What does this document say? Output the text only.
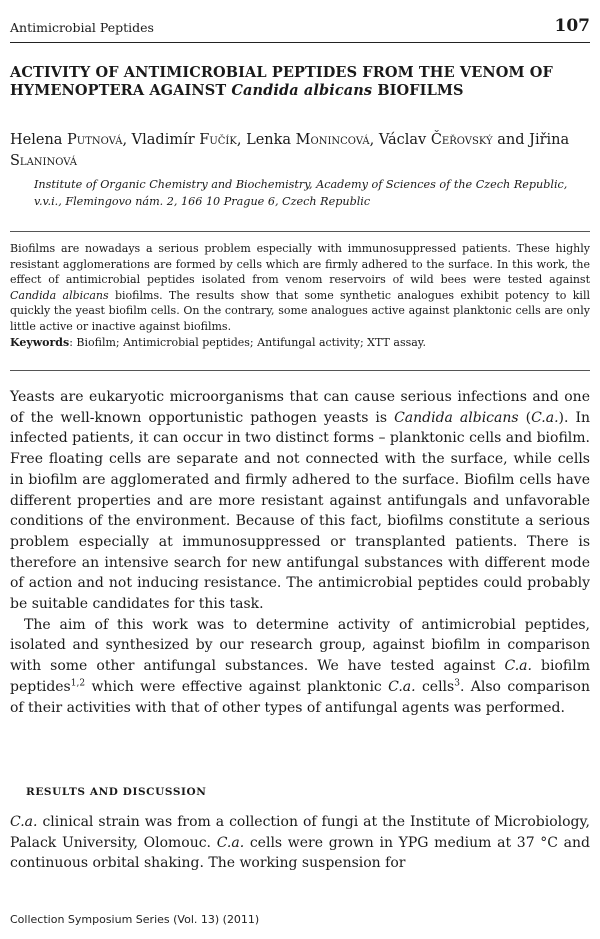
Antimicrobial Peptides	107
ACTIVITY OF ANTIMICROBIAL PEPTIDES FROM THE VENOM OF HYMENOPTERA AGAINST Candida albicans BIOFILMS

Helena Putnová, Vladimír Fučík, Lenka Monincová, Václav Čeřovský and Jiřina Slaninová

Institute of Organic Chemistry and Biochemistry, Academy of Sciences of the Czech Republic, v.v.i., Flemingovo nám. 2, 166 10 Prague 6, Czech Republic

Biofilms are nowadays a serious problem especially with immunosuppressed patients. These highly resistant agglomerations are formed by cells which are firmly adhered to the surface. In this work, the effect of antimicrobial peptides isolated from venom reservoirs of wild bees were tested against Candida albicans biofilms. The results show that some synthetic analogues exhibit potency to kill quickly the yeast biofilm cells. On the contrary, some analogues active against planktonic cells are only little active or inactive against biofilms.

Keywords: Biofilm; Antimicrobial peptides; Antifungal activity; XTT assay.

Yeasts are eukaryotic microorganisms that can cause serious infections and one of the well-known opportunistic pathogen yeasts is Candida albicans (C.a.). In infected patients, it can occur in two distinct forms – planktonic cells and biofilm. Free floating cells are separate and not connected with the surface, while cells in biofilm are agglomerated and firmly adhered to the surface. Biofilm cells have different properties and are more resistant against antifungals and unfavorable conditions of the environment. Because of this fact, biofilms constitute a serious problem especially at immunosuppressed or transplanted patients. There is therefore an intensive search for new antifungal substances with different mode of action and not inducing resistance. The antimicrobial peptides could probably be suitable candidates for this task.

The aim of this work was to determine activity of antimicrobial peptides, isolated and synthesized by our research group, against biofilm in comparison with some other antifungal substances. We have tested against C.a. biofilm peptides$^{1,2}$ which were effective against planktonic C.a. cells$^3$. Also comparison of their activities with that of other types of antifungal agents was performed.

RESULTS AND DISCUSSION

C.a. clinical strain was from a collection of fungi at the Institute of Microbiology, Palack University, Olomouc. C.a. cells were grown in YPG medium at 37 °C and continuous orbital shaking. The working suspension for

Collection Symposium Series (Vol. 13) (2011)
